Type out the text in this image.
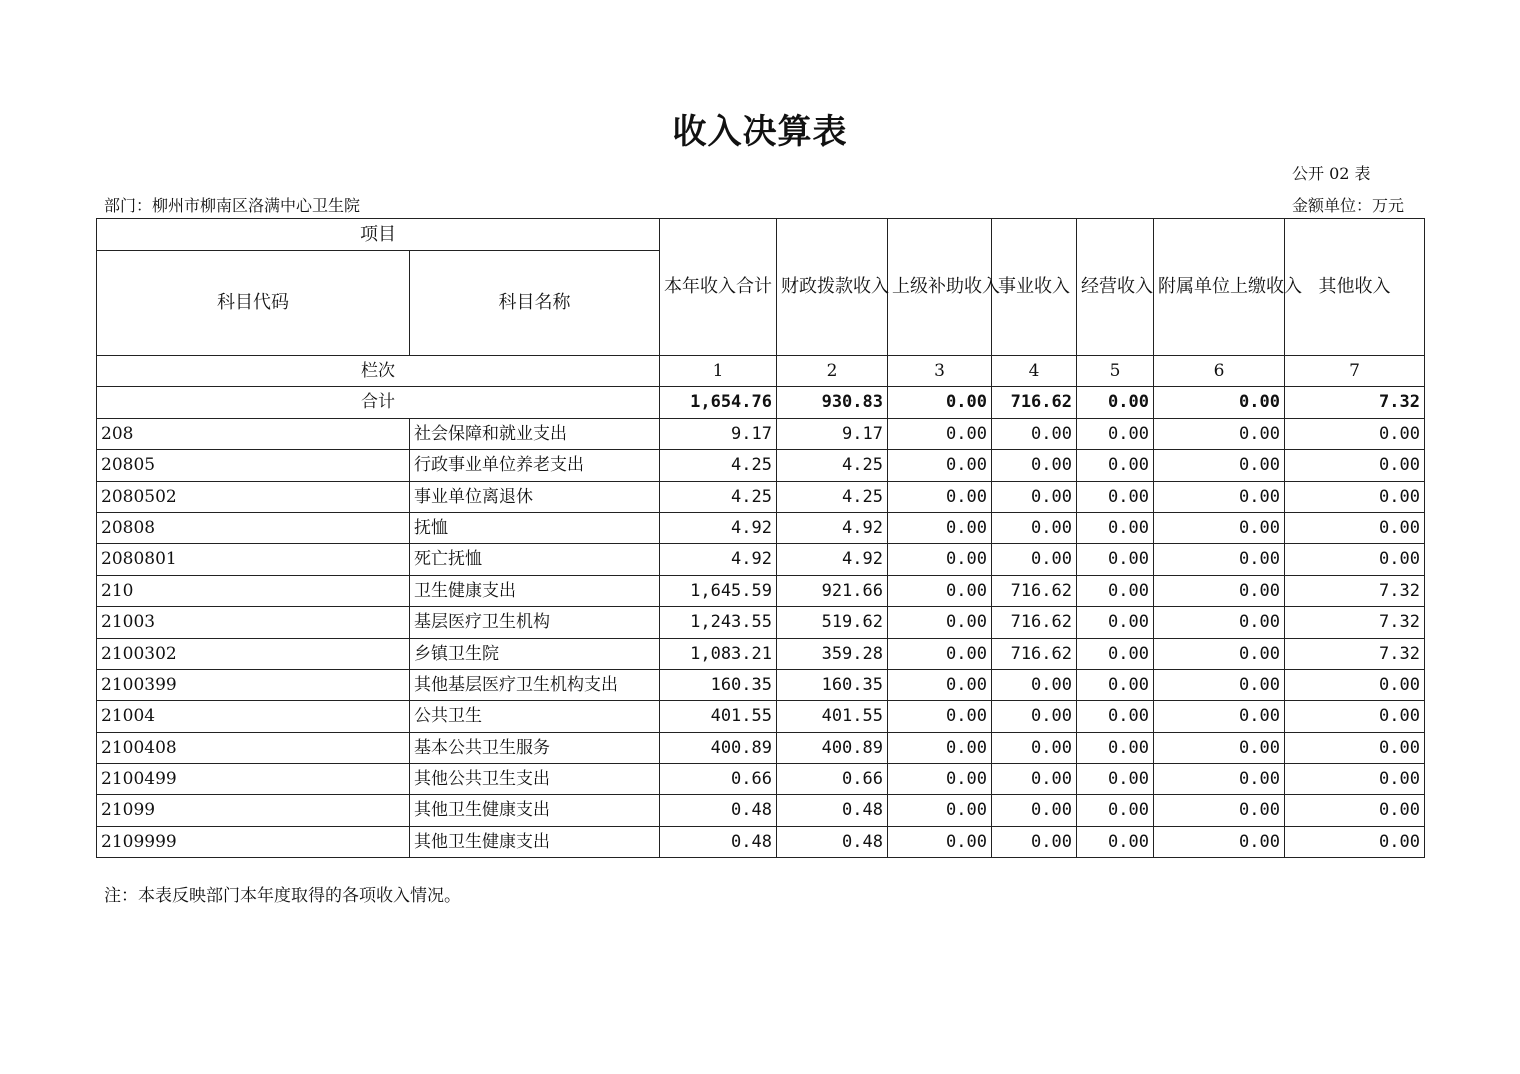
收入决算表
公开 02 表
部门：柳州市柳南区洛满中心卫生院	金额单位：万元
项目		本年收入合计	财政拨款收入	上级补助收入	事业收入	经营收入	附属单位上缴收入	其他收入
科目代码	科目名称							
栏次		1	2	3	4	5	6	7
合计		1,654.76	930.83	0.00	716.62	0.00	0.00	7.32
208	社会保障和就业支出	9.17	9.17	0.00	0.00	0.00	0.00	0.00
20805	行政事业单位养老支出	4.25	4.25	0.00	0.00	0.00	0.00	0.00
2080502	事业单位离退休	4.25	4.25	0.00	0.00	0.00	0.00	0.00
20808	抚恤	4.92	4.92	0.00	0.00	0.00	0.00	0.00
2080801	死亡抚恤	4.92	4.92	0.00	0.00	0.00	0.00	0.00
210	卫生健康支出	1,645.59	921.66	0.00	716.62	0.00	0.00	7.32
21003	基层医疗卫生机构	1,243.55	519.62	0.00	716.62	0.00	0.00	7.32
2100302	乡镇卫生院	1,083.21	359.28	0.00	716.62	0.00	0.00	7.32
2100399	其他基层医疗卫生机构支出	160.35	160.35	0.00	0.00	0.00	0.00	0.00
21004	公共卫生	401.55	401.55	0.00	0.00	0.00	0.00	0.00
2100408	基本公共卫生服务	400.89	400.89	0.00	0.00	0.00	0.00	0.00
2100499	其他公共卫生支出	0.66	0.66	0.00	0.00	0.00	0.00	0.00
21099	其他卫生健康支出	0.48	0.48	0.00	0.00	0.00	0.00	0.00
2109999	其他卫生健康支出	0.48	0.48	0.00	0.00	0.00	0.00	0.00
注：本表反映部门本年度取得的各项收入情况。
